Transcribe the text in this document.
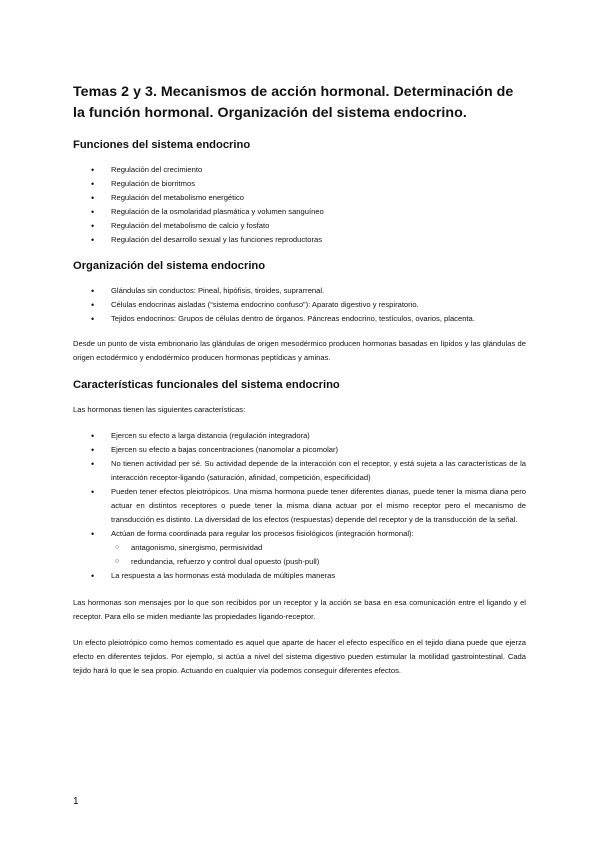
Temas 2 y 3. Mecanismos de acción hormonal. Determinación de la función hormonal. Organización del sistema endocrino.
Funciones del sistema endocrino
• Regulación del crecimiento
• Regulación de biorritmos
• Regulación del metabolismo energético
• Regulación de la osmolaridad plasmática y volumen sanguíneo
• Regulación del metabolismo de calcio y fosfato
• Regulación del desarrollo sexual y las funciones reproductoras
Organización del sistema endocrino
• Glándulas sin conductos: Pineal, hipófisis, tiroides, suprarrenal.
• Células endocrinas aisladas (“sistema endocrino confuso”): Aparato digestivo y respiratorio.
• Tejidos endocrinos: Grupos de células dentro de órganos. Páncreas endocrino, testículos, ovarios, placenta.

Desde un punto de vista embrionario las glándulas de origen mesodérmico producen hormonas basadas en lípidos y las glándulas de origen ectodérmico y endodérmico producen hormonas peptídicas y aminas.

Características funcionales del sistema endocrino

Las hormonas tienen las siguientes características:

• Ejercen su efecto a larga distancia (regulación integradora)
• Ejercen su efecto a bajas concentraciones (nanomolar a picomolar)
• No tienen actividad per sé. Su actividad depende de la interacción con el receptor, y está sujeta a las características de la interacción receptor-ligando (saturación, afinidad, competición, especificidad)
• Pueden tener efectos pleiotrópicos. Una misma hormona puede tener diferentes dianas, puede tener la misma diana pero actuar en distintos receptores o puede tener la misma diana actuar por el mismo receptor pero el mecanismo de transducción es distinto. La diversidad de los efectos (respuestas) depende del receptor y de la transducción de la señal.
• Actúan de forma coordinada para regular los procesos fisiológicos (integración hormonal):
○ antagonismo, sinergismo, permisividad
○ redundancia, refuerzo y control dual opuesto (push-pull)
• La respuesta a las hormonas está modulada de múltiples maneras

Las hormonas son mensajes por lo que son recibidos por un receptor y la acción se basa en esa comunicación entre el ligando y el receptor. Para ello se miden mediante las propiedades ligando-receptor.

Un efecto pleiotrópico como hemos comentado es aquel que aparte de hacer el efecto específico en el tejido diana puede que ejerza efecto en diferentes tejidos. Por ejemplo, si actúa a nivel del sistema digestivo pueden estimular la motilidad gastrointestinal. Cada tejido hará lo que le sea propio. Actuando en cualquier vía podemos conseguir diferentes efectos.

1
